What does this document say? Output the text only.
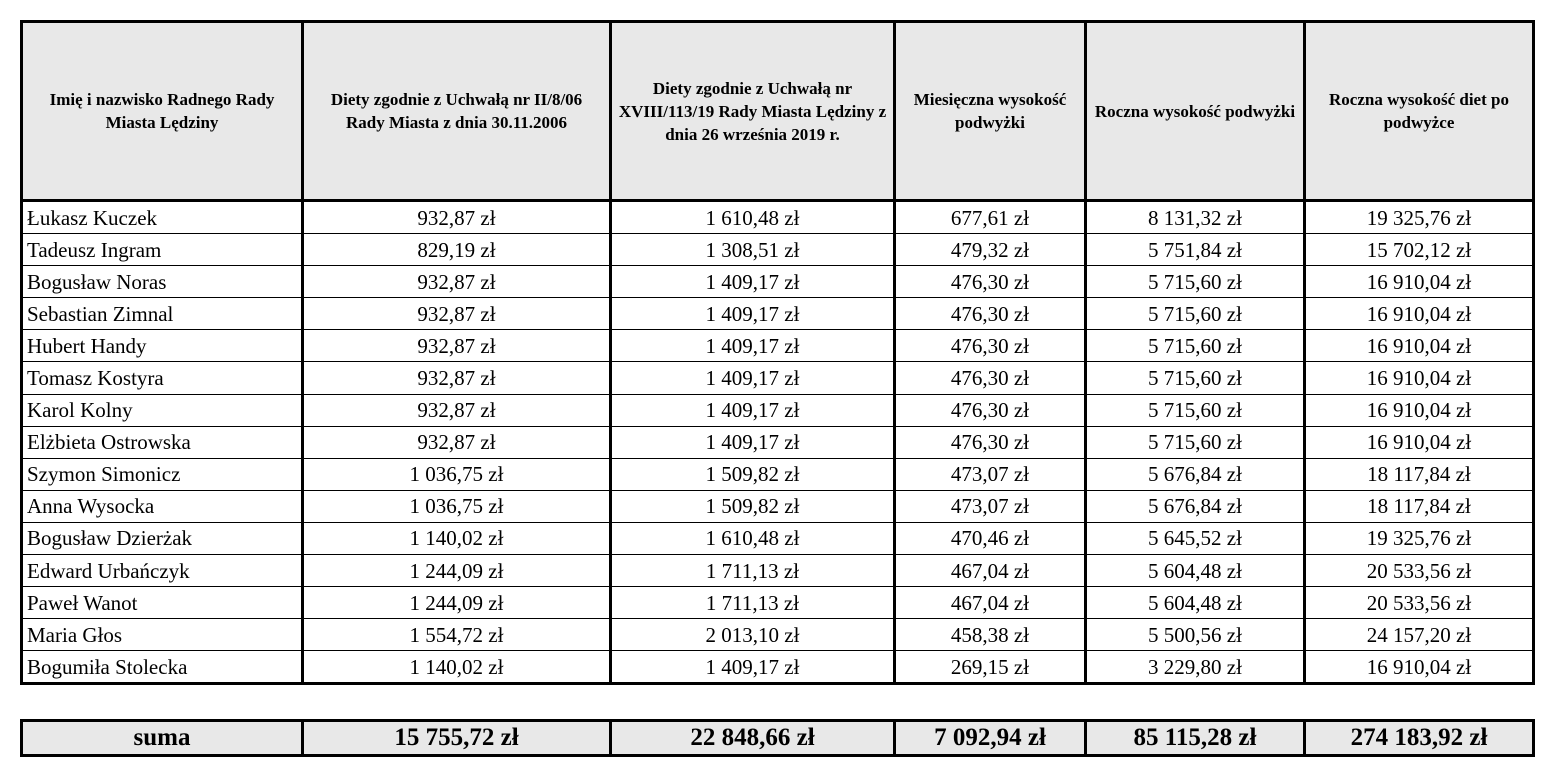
Imię i nazwisko Radnego Rady Miasta Lędziny	Diety zgodnie z Uchwałą nr II/8/06 Rady Miasta z dnia 30.11.2006	Diety zgodnie z Uchwałą nr XVIII/113/19 Rady Miasta Lędziny z dnia 26 września 2019 r.	Miesięczna wysokość podwyżki	Roczna wysokość podwyżki	Roczna wysokość diet po podwyżce
Łukasz Kuczek	932,87 zł	1 610,48 zł	677,61 zł	8 131,32 zł	19 325,76 zł
Tadeusz Ingram	829,19 zł	1 308,51 zł	479,32 zł	5 751,84 zł	15 702,12 zł
Bogusław Noras	932,87 zł	1 409,17 zł	476,30 zł	5 715,60 zł	16 910,04 zł
Sebastian Zimnal	932,87 zł	1 409,17 zł	476,30 zł	5 715,60 zł	16 910,04 zł
Hubert Handy	932,87 zł	1 409,17 zł	476,30 zł	5 715,60 zł	16 910,04 zł
Tomasz Kostyra	932,87 zł	1 409,17 zł	476,30 zł	5 715,60 zł	16 910,04 zł
Karol Kolny	932,87 zł	1 409,17 zł	476,30 zł	5 715,60 zł	16 910,04 zł
Elżbieta Ostrowska	932,87 zł	1 409,17 zł	476,30 zł	5 715,60 zł	16 910,04 zł
Szymon Simonicz	1 036,75 zł	1 509,82 zł	473,07 zł	5 676,84 zł	18 117,84 zł
Anna Wysocka	1 036,75 zł	1 509,82 zł	473,07 zł	5 676,84 zł	18 117,84 zł
Bogusław Dzierżak	1 140,02 zł	1 610,48 zł	470,46 zł	5 645,52 zł	19 325,76 zł
Edward Urbańczyk	1 244,09 zł	1 711,13 zł	467,04 zł	5 604,48 zł	20 533,56 zł
Paweł Wanot	1 244,09 zł	1 711,13 zł	467,04 zł	5 604,48 zł	20 533,56 zł
Maria Głos	1 554,72 zł	2 013,10 zł	458,38 zł	5 500,56 zł	24 157,20 zł
Bogumiła Stolecka	1 140,02 zł	1 409,17 zł	269,15 zł	3 229,80 zł	16 910,04 zł
suma	15 755,72 zł	22 848,66 zł	7 092,94 zł	85 115,28 zł	274 183,92 zł
